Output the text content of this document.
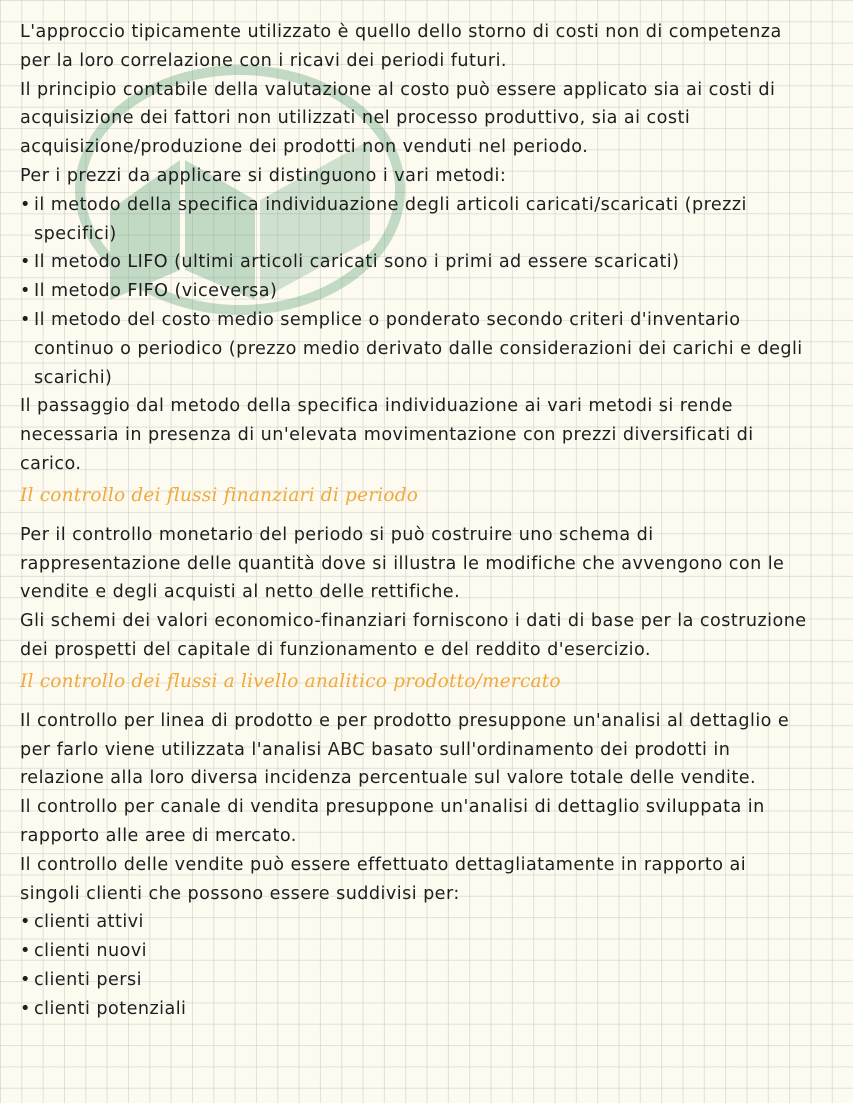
L'approccio tipicamente utilizzato è quello dello storno di costi non di competenza
per la loro correlazione con i ricavi dei periodi futuri.
Il principio contabile della valutazione al costo può essere applicato sia ai costi di
acquisizione dei fattori non utilizzati nel processo produttivo, sia ai costi
acquisizione/produzione dei prodotti non venduti nel periodo.
Per i prezzi da applicare si distinguono i vari metodi:
• il metodo della specifica individuazione degli articoli caricati/scaricati (prezzi
specifici)
• Il metodo LIFO (ultimi articoli caricati sono i primi ad essere scaricati)
• Il metodo FIFO (viceversa)
• Il metodo del costo medio semplice o ponderato secondo criteri d'inventario
continuo o periodico (prezzo medio derivato dalle considerazioni dei carichi e degli
scarichi)
Il passaggio dal metodo della specifica individuazione ai vari metodi si rende
necessaria in presenza di un'elevata movimentazione con prezzi diversificati di
carico.
Il controllo dei flussi finanziari di periodo
Per il controllo monetario del periodo si può costruire uno schema di
rappresentazione delle quantità dove si illustra le modifiche che avvengono con le
vendite e degli acquisti al netto delle rettifiche.
Gli schemi dei valori economico-finanziari forniscono i dati di base per la costruzione
dei prospetti del capitale di funzionamento e del reddito d'esercizio.
Il controllo dei flussi a livello analitico prodotto/mercato
Il controllo per linea di prodotto e per prodotto presuppone un'analisi al dettaglio e
per farlo viene utilizzata l'analisi ABC basato sull'ordinamento dei prodotti in
relazione alla loro diversa incidenza percentuale sul valore totale delle vendite.
Il controllo per canale di vendita presuppone un'analisi di dettaglio sviluppata in
rapporto alle aree di mercato.
Il controllo delle vendite può essere effettuato dettagliatamente in rapporto ai
singoli clienti che possono essere suddivisi per:
• clienti attivi
• clienti nuovi
• clienti persi
• clienti potenziali
